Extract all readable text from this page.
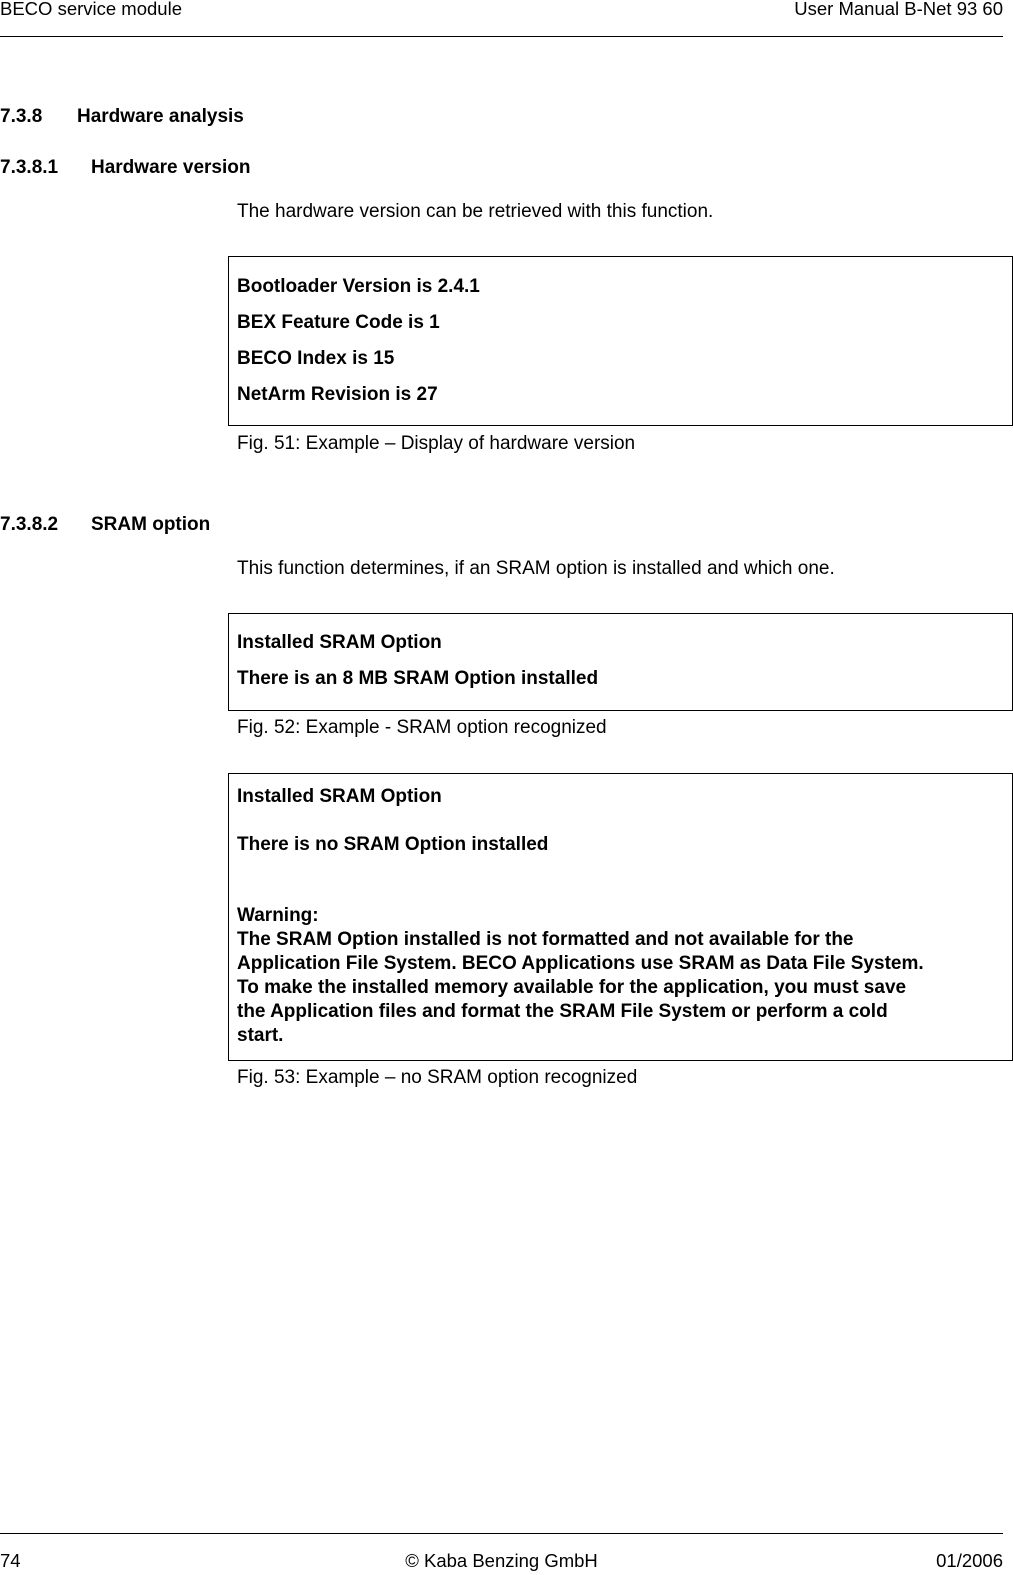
BECO service module	User Manual B-Net 93 60
7.3.8 Hardware analysis
7.3.8.1 Hardware version
The hardware version can be retrieved with this function.
Bootloader Version is 2.4.1
BEX Feature Code is 1
BECO Index is 15
NetArm Revision is 27
Fig. 51: Example – Display of hardware version
7.3.8.2 SRAM option
This function determines, if an SRAM option is installed and which one.
Installed SRAM Option
There is an 8 MB SRAM Option installed
Fig. 52: Example - SRAM option recognized
Installed SRAM Option
There is no SRAM Option installed
Warning:
The SRAM Option installed is not formatted and not available for the
Application File System. BECO Applications use SRAM as Data File System.
To make the installed memory available for the application, you must save
the Application files and format the SRAM File System or perform a cold
start.
Fig. 53: Example – no SRAM option recognized
74	© Kaba Benzing GmbH	01/2006
